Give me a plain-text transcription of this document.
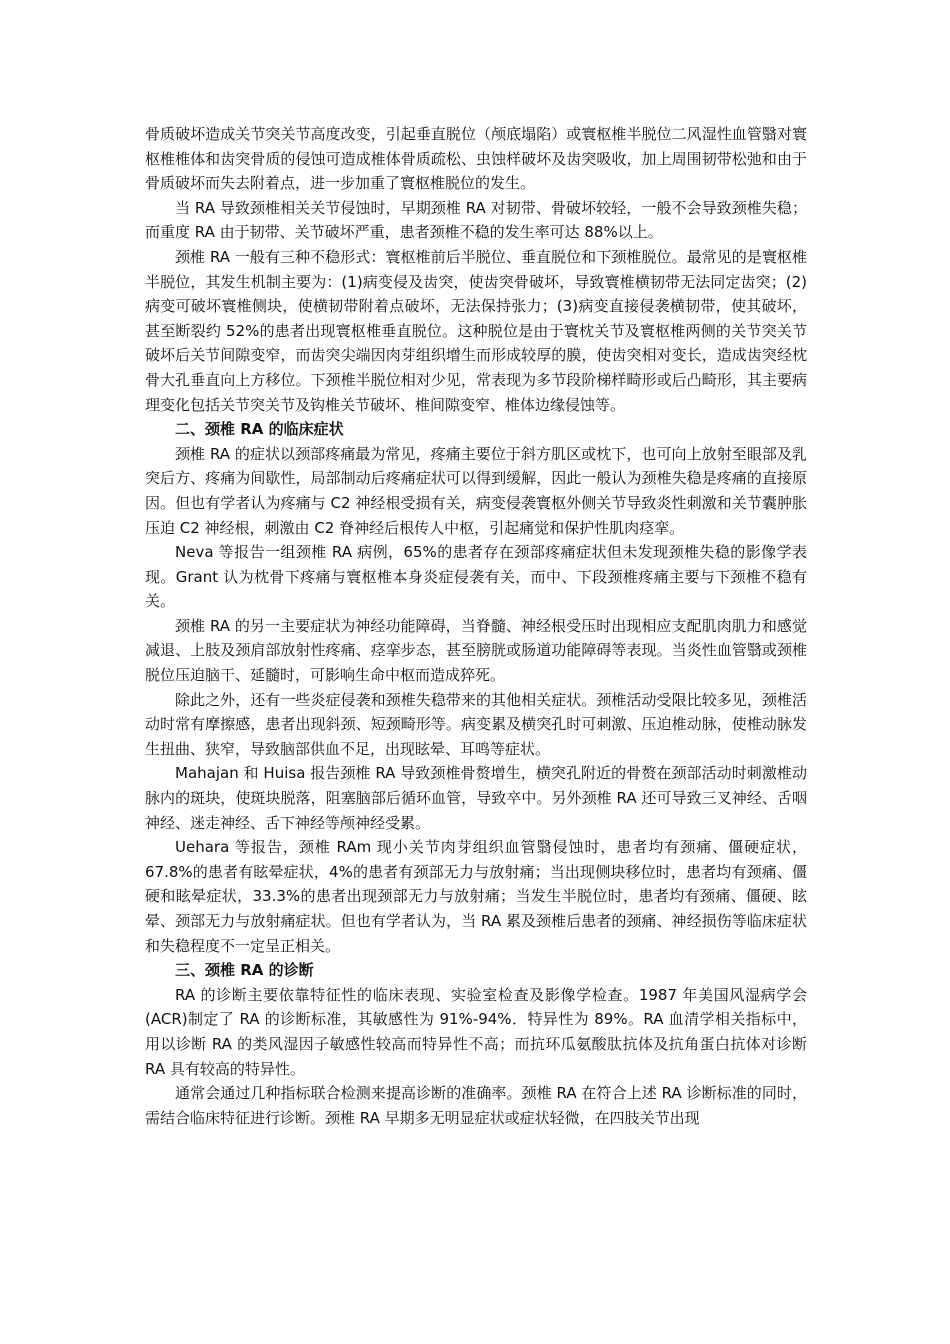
骨质破坏造成关节突关节高度改变，引起垂直脱位（颅底塌陷）或寰枢椎半脱位二风湿性血管翳对寰枢椎椎体和齿突骨质的侵蚀可造成椎体骨质疏松、虫蚀样破坏及齿突吸收，加上周围韧带松弛和由于骨质破坏而失去附着点，进一步加重了寰枢椎脱位的发生。

当 RA 导致颈椎相关关节侵蚀时，早期颈椎 RA 对韧带、骨破坏较轻，一般不会导致颈椎失稳；而重度 RA 由于韧带、关节破坏严重，患者颈椎不稳的发生率可达 88%以上。

颈椎 RA 一般有三种不稳形式：寰枢椎前后半脱位、垂直脱位和下颈椎脱位。最常见的是寰枢椎半脱位，其发生机制主要为：(1)病变侵及齿突，使齿突骨破坏，导致寰椎横韧带无法同定齿突；(2)病变可破坏寰椎侧块，使横韧带附着点破坏，无法保持张力；(3)病变直接侵袭横韧带，使其破坏，甚至断裂约 52%的患者出现寰枢椎垂直脱位。这种脱位是由于寰枕关节及寰枢椎两侧的关节突关节破坏后关节间隙变窄，而齿突尖端因肉芽组织增生而形成较厚的膜，使齿突相对变长，造成齿突经枕骨大孔垂直向上方移位。下颈椎半脱位相对少见，常表现为多节段阶梯样畸形或后凸畸形，其主要病理变化包括关节突关节及钩椎关节破坏、椎间隙变窄、椎体边缘侵蚀等。

二、颈椎 RA 的临床症状

颈椎 RA 的症状以颈部疼痛最为常见，疼痛主要位于斜方肌区或枕下，也可向上放射至眼部及乳突后方、疼痛为间歇性，局部制动后疼痛症状可以得到缓解，因此一般认为颈椎失稳是疼痛的直接原因。但也有学者认为疼痛与 C2 神经根受损有关，病变侵袭寰枢外侧关节导致炎性刺激和关节囊肿胀压迫 C2 神经根，刺激由 C2 脊神经后根传人中枢，引起痛觉和保护性肌肉痉挛。

Neva 等报告一组颈椎 RA 病例，65%的患者存在颈部疼痛症状但未发现颈椎失稳的影像学表现。Grant 认为枕骨下疼痛与寰枢椎本身炎症侵袭有关，而中、下段颈椎疼痛主要与下颈椎不稳有关。

颈椎 RA 的另一主要症状为神经功能障碍，当脊髓、神经根受压时出现相应支配肌肉肌力和感觉减退、上肢及颈肩部放射性疼痛、痉挛步态，甚至膀胱或肠道功能障碍等表现。当炎性血管翳或颈椎脱位压迫脑干、延髓时，可影响生命中枢而造成猝死。

除此之外，还有一些炎症侵袭和颈椎失稳带来的其他相关症状。颈椎活动受限比较多见，颈椎活动时常有摩擦感，患者出现斜颈、短颈畸形等。病变累及横突孔时可刺激、压迫椎动脉，使椎动脉发生扭曲、狭窄，导致脑部供血不足，出现眩晕、耳鸣等症状。

Mahajan 和 Huisa 报告颈椎 RA 导致颈椎骨赘增生，横突孔附近的骨赘在颈部活动时刺激椎动脉内的斑块，使斑块脱落，阻塞脑部后循环血管，导致卒中。另外颈椎 RA 还可导致三叉神经、舌咽神经、迷走神经、舌下神经等颅神经受累。

Uehara 等报告，颈椎 RAm 现小关节肉芽组织血管翳侵蚀时，患者均有颈痛、僵硬症状，67.8%的患者有眩晕症状，4%的患者有颈部无力与放射痛；当出现侧块移位时，患者均有颈痛、僵硬和眩晕症状，33.3%的患者出现颈部无力与放射痛；当发生半脱位时，患者均有颈痛、僵硬、眩晕、颈部无力与放射痛症状。但也有学者认为，当 RA 累及颈椎后患者的颈痛、神经损伤等临床症状和失稳程度不一定呈正相关。

三、颈椎 RA 的诊断

RA 的诊断主要依靠特征性的临床表现、实验室检查及影像学检查。1987 年美国风湿病学会(ACR)制定了 RA 的诊断标准，其敏感性为 91%-94%．特异性为 89%。RA 血清学相关指标中，用以诊断 RA 的类风湿因子敏感性较高而特异性不高；而抗环瓜氨酸肽抗体及抗角蛋白抗体对诊断 RA 具有较高的特异性。

通常会通过几种指标联合检测来提高诊断的准确率。颈椎 RA 在符合上述 RA 诊断标准的同时，需结合临床特征进行诊断。颈椎 RA 早期多无明显症状或症状轻微，在四肢关节出现
